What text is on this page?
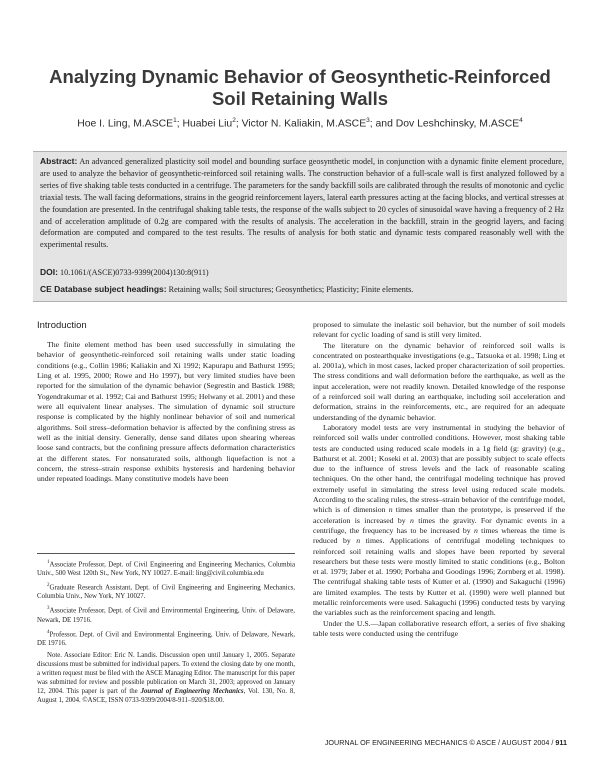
Analyzing Dynamic Behavior of Geosynthetic-Reinforced
Soil Retaining Walls
Hoe I. Ling, M.ASCE$^1$; Huabei Liu$^2$; Victor N. Kaliakin, M.ASCE$^3$; and Dov Leshchinsky, M.ASCE$^4$
Abstract: An advanced generalized plasticity soil model and bounding surface geosynthetic model, in conjunction with a dynamic finite element procedure, are used to analyze the behavior of geosynthetic-reinforced soil retaining walls. The construction behavior of a full-scale wall is first analyzed followed by a series of five shaking table tests conducted in a centrifuge. The parameters for the sandy backfill soils are calibrated through the results of monotonic and cyclic triaxial tests. The wall facing deformations, strains in the geogrid reinforcement layers, lateral earth pressures acting at the facing blocks, and vertical stresses at the foundation are presented. In the centrifugal shaking table tests, the response of the walls subject to 20 cycles of sinusoidal wave having a frequency of 2 Hz and of acceleration amplitude of 0.2g are compared with the results of analysis. The acceleration in the backfill, strain in the geogrid layers, and facing deformation are computed and compared to the test results. The results of analysis for both static and dynamic tests compared reasonably well with the experimental results.
DOI: 10.1061/(ASCE)0733-9399(2004)130:8(911)
CE Database subject headings: Retaining walls; Soil structures; Geosynthetics; Plasticity; Finite elements.
Introduction

The finite element method has been used successfully in simulating the behavior of geosynthetic-reinforced soil retaining walls under static loading conditions (e.g., Collin 1986; Kaliakin and Xi 1992; Kapurapu and Bathurst 1995; Ling et al. 1995, 2000; Rowe and Ho 1997), but very limited studies have been reported for the simulation of the dynamic behavior (Segrestin and Bastick 1988; Yogendrakumar et al. 1992; Cai and Bathurst 1995; Helwany et al. 2001) and these were all equivalent linear analyses. The simulation of dynamic soil structure response is complicated by the highly nonlinear behavior of soil and numerical algorithms. Soil stress–deformation behavior is affected by the confining stress as well as the initial density. Generally, dense sand dilates upon shearing whereas loose sand contracts, but the confining pressure affects deformation characteristics at the different states. For nonsaturated soils, although liquefaction is not a concern, the stress–strain response exhibits hysteresis and hardening behavior under repeated loadings. Many constitutive models have been

$^1$Associate Professor, Dept. of Civil Engineering and Engineering Mechanics, Columbia Univ., 500 West 120th St., New York, NY 10027. E-mail: ling@civil.columbia.edu

$^2$Graduate Research Assistant, Dept. of Civil Engineering and Engineering Mechanics, Columbia Univ., New York, NY 10027.

$^3$Associate Professor, Dept. of Civil and Environmental Engineering, Univ. of Delaware, Newark, DE 19716.

$^4$Professor, Dept. of Civil and Environmental Engineering, Univ. of Delaware, Newark, DE 19716.

Note. Associate Editor: Eric N. Landis. Discussion open until January 1, 2005. Separate discussions must be submitted for individual papers. To extend the closing date by one month, a written request must be filed with the ASCE Managing Editor. The manuscript for this paper was submitted for review and possible publication on March 31, 2003; approved on January 12, 2004. This paper is part of the Journal of Engineering Mechanics, Vol. 130, No. 8, August 1, 2004. ©ASCE, ISSN 0733-9399/2004/8-911–920/$18.00.

proposed to simulate the inelastic soil behavior, but the number of soil models relevant for cyclic loading of sand is still very limited.

The literature on the dynamic behavior of reinforced soil walls is concentrated on postearthquake investigations (e.g., Tatsuoka et al. 1998; Ling et al. 2001a), which in most cases, lacked proper characterization of soil properties. The stress conditions and wall deformation before the earthquake, as well as the input acceleration, were not readily known. Detailed knowledge of the response of a reinforced soil wall during an earthquake, including soil acceleration and deformation, strains in the reinforcements, etc., are required for an adequate understanding of the dynamic behavior.

Laboratory model tests are very instrumental in studying the behavior of reinforced soil walls under controlled conditions. However, most shaking table tests are conducted using reduced scale models in a 1g field (g: gravity) (e.g., Bathurst et al. 2001; Koseki et al. 2003) that are possibly subject to scale effects due to the influence of stress levels and the lack of reasonable scaling techniques. On the other hand, the centrifugal modeling technique has proved extremely useful in simulating the stress level using reduced scale models. According to the scaling rules, the stress–strain behavior of the centrifuge model, which is of dimension n times smaller than the prototype, is preserved if the acceleration is increased by n times the gravity. For dynamic events in a centrifuge, the frequency has to be increased by n times whereas the time is reduced by n times. Applications of centrifugal modeling techniques to reinforced soil retaining walls and slopes have been reported by several researchers but these tests were mostly limited to static conditions (e.g., Bolton et al. 1979; Jaber et al. 1990; Porbaha and Goodings 1996; Zornberg et al. 1998). The centrifugal shaking table tests of Kutter et al. (1990) and Sakaguchi (1996) are limited examples. The tests by Kutter et al. (1990) were well planned but metallic reinforcements were used. Sakaguchi (1996) conducted tests by varying the variables such as the reinforcement spacing and length.

Under the U.S.—Japan collaborative research effort, a series of five shaking table tests were conducted using the centrifuge

JOURNAL OF ENGINEERING MECHANICS © ASCE / AUGUST 2004 / 911
